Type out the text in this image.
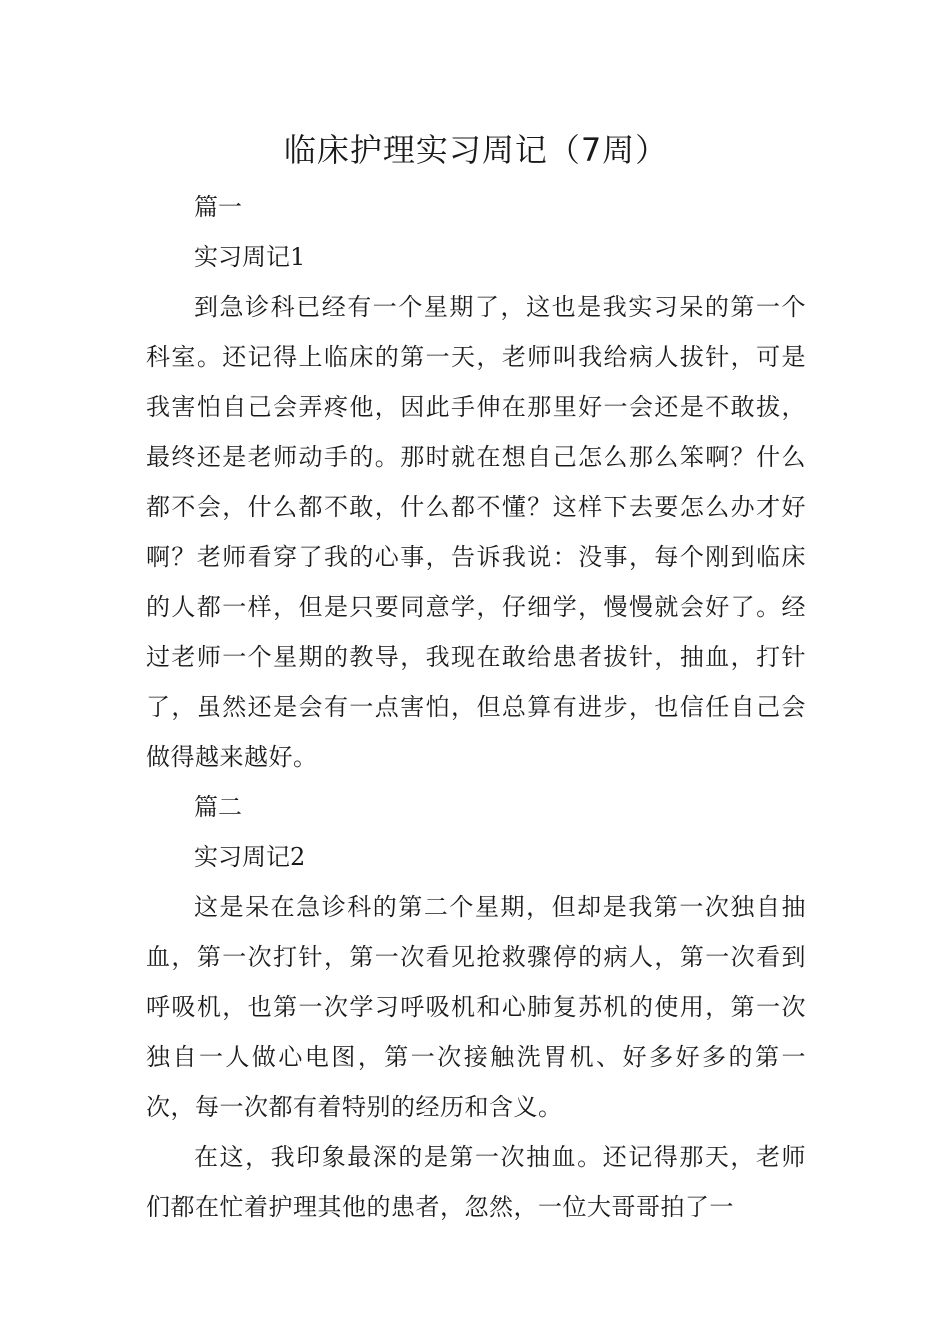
临床护理实习周记（7周）

篇一

实习周记1

到急诊科已经有一个星期了，这也是我实习呆的第一个科室。还记得上临床的第一天，老师叫我给病人拔针，可是我害怕自己会弄疼他，因此手伸在那里好一会还是不敢拔，最终还是老师动手的。那时就在想自己怎么那么笨啊？什么都不会，什么都不敢，什么都不懂？这样下去要怎么办才好啊？老师看穿了我的心事，告诉我说：没事，每个刚到临床的人都一样，但是只要同意学，仔细学，慢慢就会好了。经过老师一个星期的教导，我现在敢给患者拔针，抽血，打针了，虽然还是会有一点害怕，但总算有进步，也信任自己会做得越来越好。

篇二

实习周记2

这是呆在急诊科的第二个星期，但却是我第一次独自抽血，第一次打针，第一次看见抢救骤停的病人，第一次看到呼吸机，也第一次学习呼吸机和心肺复苏机的使用，第一次独自一人做心电图，第一次接触洗胃机、好多好多的第一次，每一次都有着特别的经历和含义。

在这，我印象最深的是第一次抽血。还记得那天，老师们都在忙着护理其他的患者，忽然，一位大哥哥拍了一
